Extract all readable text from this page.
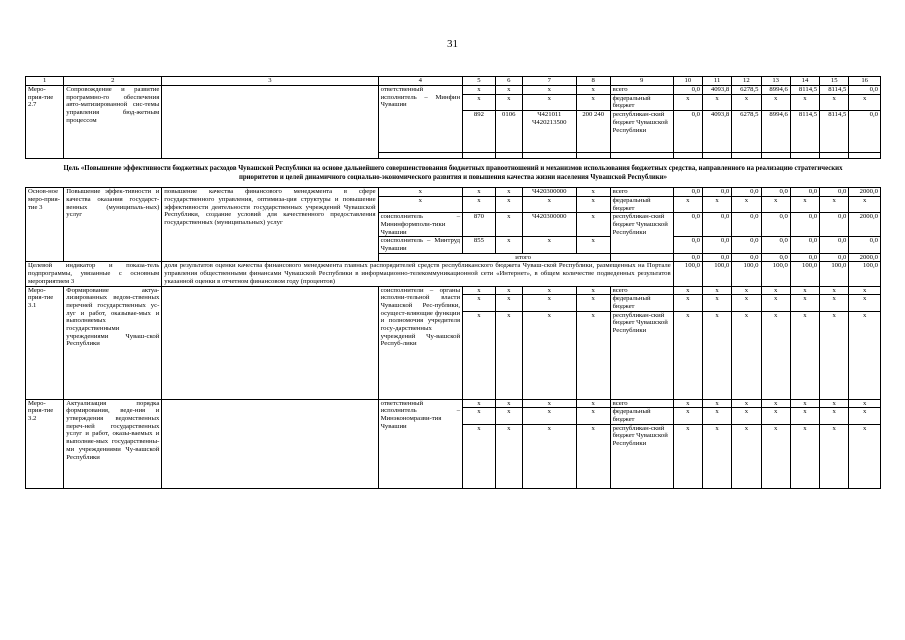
31
1	2	3	4	5	6	7	8	9	10	11	12	13	14	15	16
Меро-прия-тие 2.7	Сопровождение и развитие программно-го обеспечения авто-матизированной сис-темы управления бюд-жетным процессом		ответственный исполнитель – Минфин Чувашии	x	x	x	x	всего	0,0	4093,8	6278,5	8994,6	8114,5	8114,5	0,0
				x	x	x	x	федеральный бюджет	x	x	x	x	x	x	x
				892	0106	Ч421011 Ч420213500	200 240	республикан-ский бюджет Чувашской Республики	0,0	4093,8	6278,5	8994,6	8114,5	8114,5	0,0

Цель «Повышение эффективности бюджетных расходов Чувашской Республики на основе дальнейшего совершенствования бюджетных правоотношений и механизмов использования бюджетных средства, направленного на реализацию стратегических приоритетов и целей динамичного социально-экономического развития и повышения качества жизни населения Чувашской Республики»															
Основ-ное меро-прия-тие 3	Повышение эффек-тивности и качества оказания государст-венных (муниципаль-ных) услуг	повышение качества финансового менеджмента в сфере государственного управления, оптимиза-ция структуры и повышение эффективности деятельности государственных учреждений Чувашской Республики, создание условий для качественного предоставления государственных (муниципальных) услуг	x	x	x	Ч420300000	x	всего	0,0	0,0	0,0	0,0	0,0	0,0	2000,0
			x	x	x	x	x	федеральный бюджет	x	x	x	x	x	x	x
			соисполнитель – Мининформполи-тики Чувашии	870	x	Ч420300000	x	республикан-ский бюджет Чувашской Республики	0,0	0,0	0,0	0,0	0,0	0,0	2000,0
			соисполнитель – Минтруд Чувашии	855	x	x	x		0,0	0,0	0,0	0,0	0,0	0,0	0,0
			итого						0,0	0,0	0,0	0,0	0,0	0,0	2000,0
Целевой индикатор и показа-тель подпрограммы, увязанные с основным мероприятием 3		доля результатов оценки качества финансового менеджмента главных распорядителей средств республиканского бюджета Чуваш-ской Республики, размещенных на Портале управления общественными финансами Чувашской Республики в информационно-телекоммуникационной сети «Интернет», в общем количестве подведенных результатов указанной оценки в отчетном финансовом году (процентов)							100,0	100,0	100,0	100,0	100,0	100,0	100,0
Меро-прия-тие 3.1	Формирование актуа-лизированных ведом-ственных перечней государственных ус-луг и работ, оказывае-мых и выполняемых государственными учреждениями Чуваш-ской Республики		соисполнители – органы исполни-тельной власти Чувашской Рес-публики, осущест-вляющие функции и полномочия учредителя госу-дарственных учреждений Чу-вашской Респуб-лики	x	x	x	x	всего	x	x	x	x	x	x	x
				x	x	x	x	федеральный бюджет	x	x	x	x	x	x	x
				x	x	x	x	республикан-ский бюджет Чувашской Республики	x	x	x	x	x	x	x
Меро-прия-тие 3.2	Актуализация порядка формирования, веде-ния и утверждения ведомственных переч-ней государственных услуг и работ, оказы-ваемых и выполняе-мых государственны-ми учреждениями Чу-вашской Республики		ответственный исполнитель – Минэкономразви-тия Чувашии	x	x	x	x	всего	x	x	x	x	x	x	x
				x	x	x	x	федеральный бюджет	x	x	x	x	x	x	x
				x	x	x	x	республикан-ский бюджет Чувашской Республики	x	x	x	x	x	x	x
